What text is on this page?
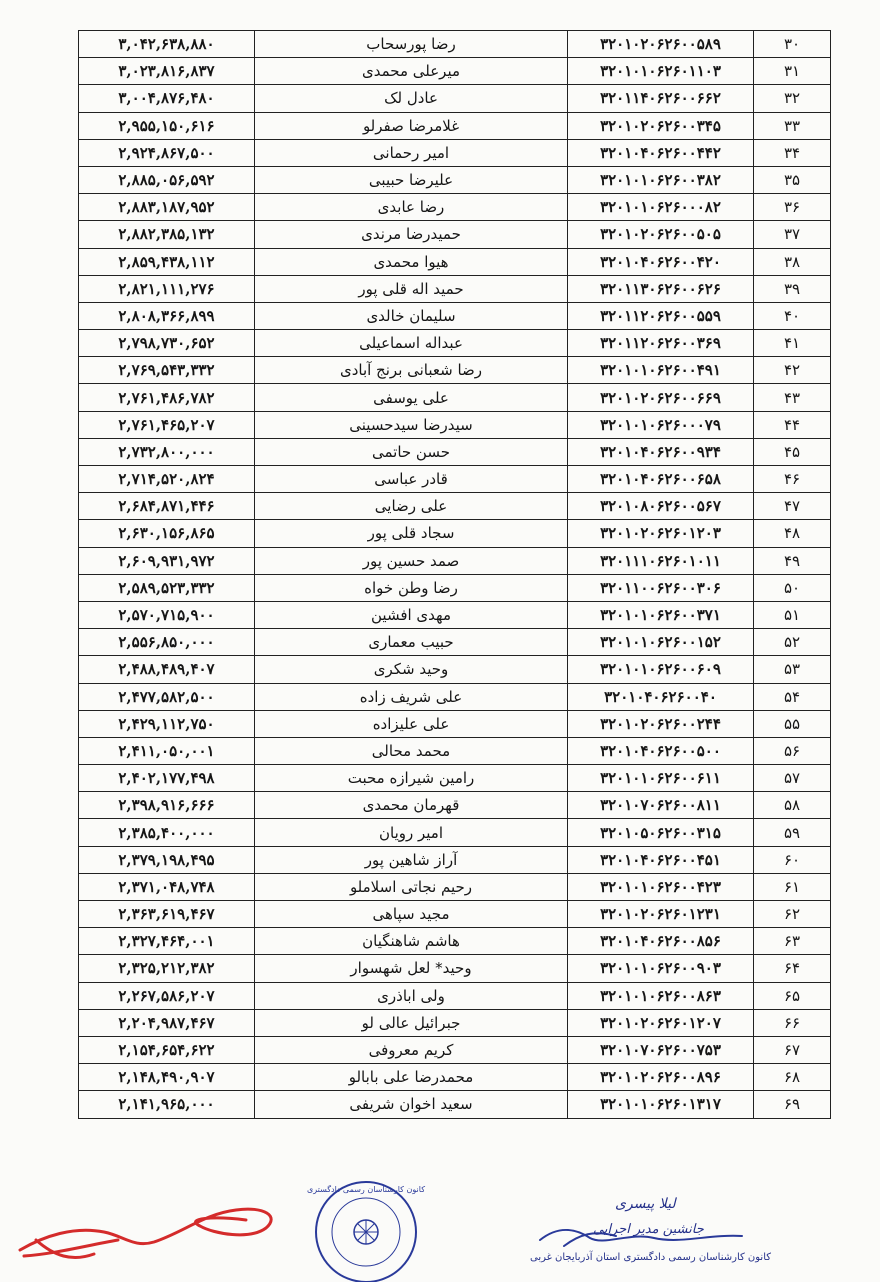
۳,۰۴۲,۶۳۸,۸۸۰	رضا پورسحاب	۳۲۰۱۰۲۰۶۲۶۰۰۵۸۹	۳۰
۳,۰۲۳,۸۱۶,۸۳۷	میرعلی محمدی	۳۲۰۱۰۱۰۶۲۶۰۱۱۰۳	۳۱
۳,۰۰۴,۸۷۶,۴۸۰	عادل لک	۳۲۰۱۱۴۰۶۲۶۰۰۶۶۲	۳۲
۲,۹۵۵,۱۵۰,۶۱۶	غلامرضا صفرلو	۳۲۰۱۰۲۰۶۲۶۰۰۳۴۵	۳۳
۲,۹۲۴,۸۶۷,۵۰۰	امیر رحمانی	۳۲۰۱۰۴۰۶۲۶۰۰۴۴۲	۳۴
۲,۸۸۵,۰۵۶,۵۹۲	علیرضا حبیبی	۳۲۰۱۰۱۰۶۲۶۰۰۳۸۲	۳۵
۲,۸۸۳,۱۸۷,۹۵۲	رضا عابدی	۳۲۰۱۰۱۰۶۲۶۰۰۰۸۲	۳۶
۲,۸۸۲,۳۸۵,۱۳۲	حمیدرضا مرندی	۳۲۰۱۰۲۰۶۲۶۰۰۵۰۵	۳۷
۲,۸۵۹,۴۳۸,۱۱۲	هیوا محمدی	۳۲۰۱۰۴۰۶۲۶۰۰۴۲۰	۳۸
۲,۸۲۱,۱۱۱,۲۷۶	حمید اله قلی پور	۳۲۰۱۱۳۰۶۲۶۰۰۶۲۶	۳۹
۲,۸۰۸,۳۶۶,۸۹۹	سلیمان خالدی	۳۲۰۱۱۲۰۶۲۶۰۰۵۵۹	۴۰
۲,۷۹۸,۷۳۰,۶۵۲	عبداله اسماعیلی	۳۲۰۱۱۲۰۶۲۶۰۰۳۶۹	۴۱
۲,۷۶۹,۵۴۳,۳۳۲	رضا شعبانی برنج آبادی	۳۲۰۱۰۱۰۶۲۶۰۰۴۹۱	۴۲
۲,۷۶۱,۴۸۶,۷۸۲	علی یوسفی	۳۲۰۱۰۲۰۶۲۶۰۰۶۶۹	۴۳
۲,۷۶۱,۴۶۵,۲۰۷	سیدرضا سیدحسینی	۳۲۰۱۰۱۰۶۲۶۰۰۰۷۹	۴۴
۲,۷۳۲,۸۰۰,۰۰۰	حسن حاتمی	۳۲۰۱۰۴۰۶۲۶۰۰۹۳۴	۴۵
۲,۷۱۴,۵۲۰,۸۲۴	قادر عباسی	۳۲۰۱۰۴۰۶۲۶۰۰۶۵۸	۴۶
۲,۶۸۴,۸۷۱,۴۴۶	علی رضایی	۳۲۰۱۰۸۰۶۲۶۰۰۵۶۷	۴۷
۲,۶۳۰,۱۵۶,۸۶۵	سجاد قلی پور	۳۲۰۱۰۲۰۶۲۶۰۱۲۰۳	۴۸
۲,۶۰۹,۹۳۱,۹۷۲	صمد حسین پور	۳۲۰۱۱۱۰۶۲۶۰۱۰۱۱	۴۹
۲,۵۸۹,۵۲۳,۳۳۲	رضا وطن خواه	۳۲۰۱۱۰۰۶۲۶۰۰۳۰۶	۵۰
۲,۵۷۰,۷۱۵,۹۰۰	مهدی افشین	۳۲۰۱۰۱۰۶۲۶۰۰۳۷۱	۵۱
۲,۵۵۶,۸۵۰,۰۰۰	حبیب معماری	۳۲۰۱۰۱۰۶۲۶۰۰۱۵۲	۵۲
۲,۴۸۸,۴۸۹,۴۰۷	وحید شکری	۳۲۰۱۰۱۰۶۲۶۰۰۶۰۹	۵۳
۲,۴۷۷,۵۸۲,۵۰۰	علی شریف زاده	۳۲۰۱۰۴۰۶۲۶۰۰۴۰	۵۴
۲,۴۲۹,۱۱۲,۷۵۰	علی علیزاده	۳۲۰۱۰۲۰۶۲۶۰۰۲۴۴	۵۵
۲,۴۱۱,۰۵۰,۰۰۱	محمد محالی	۳۲۰۱۰۴۰۶۲۶۰۰۵۰۰	۵۶
۲,۴۰۲,۱۷۷,۴۹۸	رامین شیرازه محبت	۳۲۰۱۰۱۰۶۲۶۰۰۶۱۱	۵۷
۲,۳۹۸,۹۱۶,۶۶۶	قهرمان محمدی	۳۲۰۱۰۷۰۶۲۶۰۰۸۱۱	۵۸
۲,۳۸۵,۴۰۰,۰۰۰	امیر رویان	۳۲۰۱۰۵۰۶۲۶۰۰۳۱۵	۵۹
۲,۳۷۹,۱۹۸,۴۹۵	آراز شاهین پور	۳۲۰۱۰۴۰۶۲۶۰۰۴۵۱	۶۰
۲,۳۷۱,۰۴۸,۷۴۸	رحیم نجاتی اسلاملو	۳۲۰۱۰۱۰۶۲۶۰۰۴۲۳	۶۱
۲,۳۶۳,۶۱۹,۴۶۷	مجید سپاهی	۳۲۰۱۰۲۰۶۲۶۰۱۲۳۱	۶۲
۲,۳۲۷,۴۶۴,۰۰۱	هاشم شاهنگیان	۳۲۰۱۰۴۰۶۲۶۰۰۸۵۶	۶۳
۲,۳۲۵,۲۱۲,۳۸۲	وحید* لعل شهسوار	۳۲۰۱۰۱۰۶۲۶۰۰۹۰۳	۶۴
۲,۲۶۷,۵۸۶,۲۰۷	ولی اباذری	۳۲۰۱۰۱۰۶۲۶۰۰۸۶۳	۶۵
۲,۲۰۴,۹۸۷,۴۶۷	جبرائیل عالی لو	۳۲۰۱۰۲۰۶۲۶۰۱۲۰۷	۶۶
۲,۱۵۴,۶۵۴,۶۲۲	کریم معروفی	۳۲۰۱۰۷۰۶۲۶۰۰۷۵۳	۶۷
۲,۱۴۸,۴۹۰,۹۰۷	محمدرضا علی بابالو	۳۲۰۱۰۲۰۶۲۶۰۰۸۹۶	۶۸
۲,۱۴۱,۹۶۵,۰۰۰	سعید اخوان شریفی	۳۲۰۱۰۱۰۶۲۶۰۱۳۱۷	۶۹
کانون کارشناسان رسمی دادگستری
لیلا پیسری
جانشین مدیر اجرایی
کانون کارشناسان رسمی دادگستری استان آذربایجان غربی
